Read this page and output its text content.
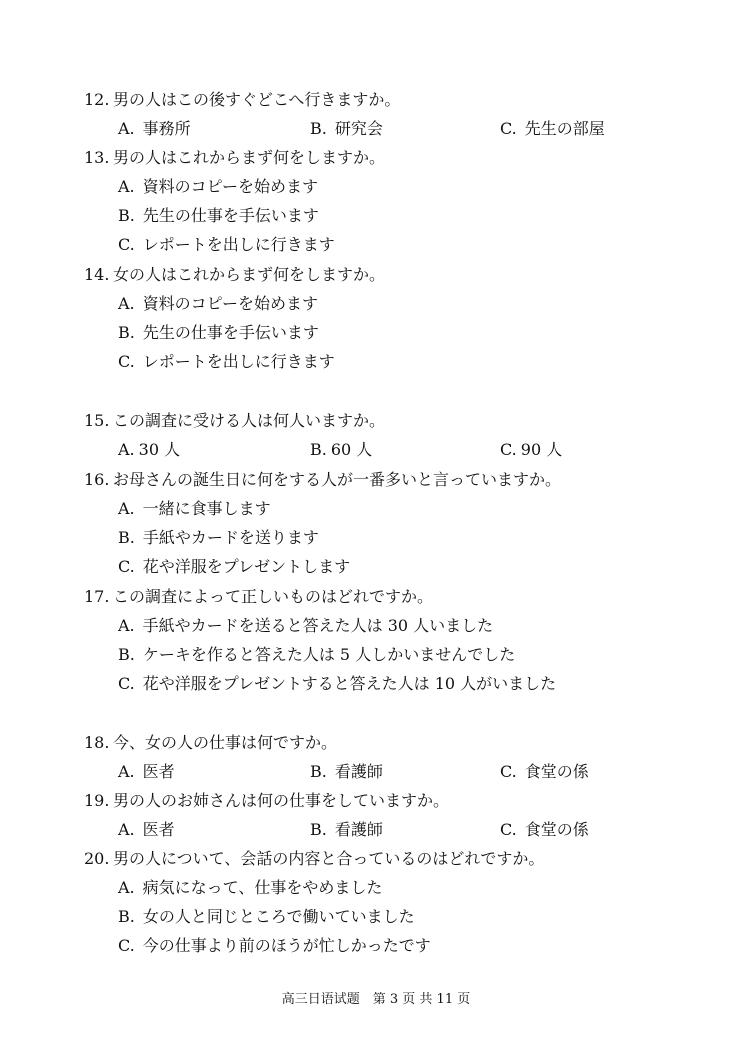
12. 男の人はこの後すぐどこへ行きますか。
A. 事務所	B. 研究会	C. 先生の部屋
13. 男の人はこれからまず何をしますか。
A. 資料のコピーを始めます
B. 先生の仕事を手伝います
C. レポートを出しに行きます
14. 女の人はこれからまず何をしますか。
A. 資料のコピーを始めます
B. 先生の仕事を手伝います
C. レポートを出しに行きます
15. この調査に受ける人は何人いますか。
A. 30 人	B. 60 人	C. 90 人
16. お母さんの誕生日に何をする人が一番多いと言っていますか。
A. 一緒に食事します
B. 手紙やカードを送ります
C. 花や洋服をプレゼントします
17. この調査によって正しいものはどれですか。
A. 手紙やカードを送ると答えた人は 30 人いました
B. ケーキを作ると答えた人は 5 人しかいませんでした
C. 花や洋服をプレゼントすると答えた人は 10 人がいました
18. 今、女の人の仕事は何ですか。
A. 医者	B. 看護師	C. 食堂の係
19. 男の人のお姉さんは何の仕事をしていますか。
A. 医者	B. 看護師	C. 食堂の係
20. 男の人について、会話の内容と合っているのはどれですか。
A. 病気になって、仕事をやめました
B. 女の人と同じところで働いていました
C. 今の仕事より前のほうが忙しかったです
高三日语试题　第 3 页 共 11 页
